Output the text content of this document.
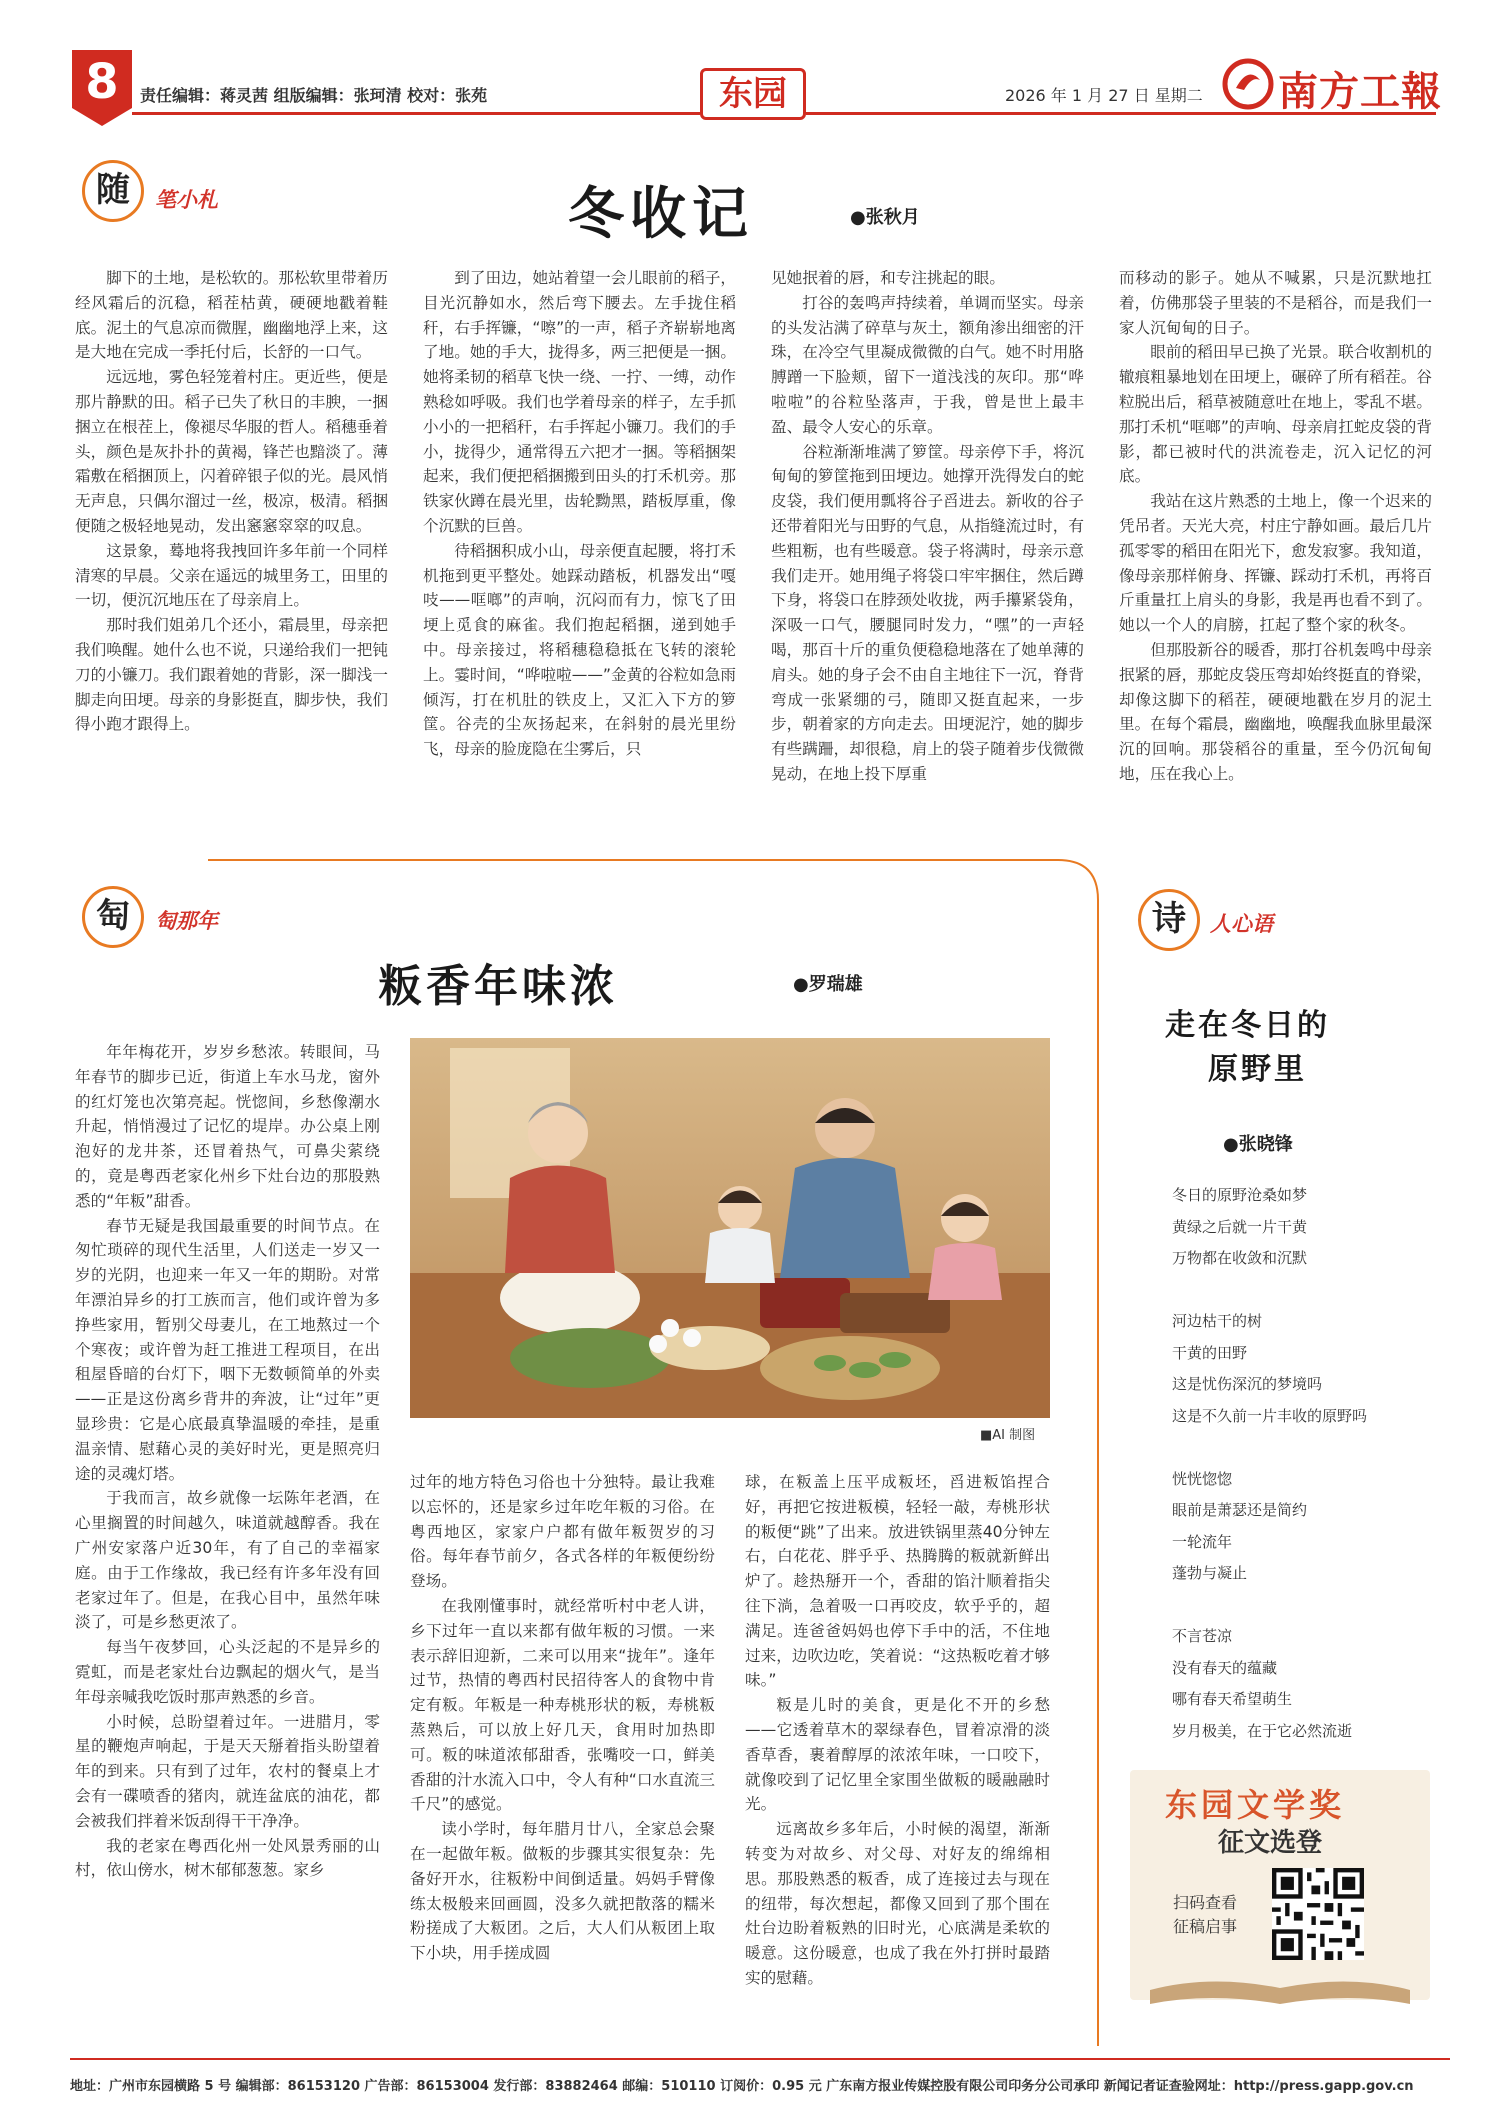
8	责任编辑：蒋灵茜 组版编辑：张珂清 校对：张苑	东园	2026 年 1 月 27 日 星期二 南方工報
随	笔小札	冬收记	●张秋月

脚下的土地，是松软的。那松软里带着历经风霜后的沉稳，稻茬枯黄，硬硬地戳着鞋底。泥土的气息凉而微腥，幽幽地浮上来，这是大地在完成一季托付后，长舒的一口气。

远远地，雾色轻笼着村庄。更近些，便是那片静默的田。稻子已失了秋日的丰腴，一捆捆立在根茬上，像褪尽华服的哲人。稻穗垂着头，颜色是灰扑扑的黄褐，锋芒也黯淡了。薄霜敷在稻捆顶上，闪着碎银子似的光。晨风悄无声息，只偶尔溜过一丝，极凉，极清。稻捆便随之极轻地晃动，发出窸窸窣窣的叹息。

这景象，蓦地将我拽回许多年前一个同样清寒的早晨。父亲在遥远的城里务工，田里的一切，便沉沉地压在了母亲肩上。

那时我们姐弟几个还小，霜晨里，母亲把我们唤醒。她什么也不说，只递给我们一把钝刀的小镰刀。我们跟着她的背影，深一脚浅一脚走向田埂。母亲的身影挺直，脚步快，我们得小跑才跟得上。

到了田边，她站着望一会儿眼前的稻子，目光沉静如水，然后弯下腰去。左手拢住稻秆，右手挥镰，“嚓”的一声，稻子齐崭崭地离了地。她的手大，拢得多，两三把便是一捆。她将柔韧的稻草飞快一绕、一拧、一缚，动作熟稔如呼吸。我们也学着母亲的样子，左手抓小小的一把稻秆，右手挥起小镰刀。我们的手小，拢得少，通常得五六把才一捆。等稻捆架起来，我们便把稻捆搬到田头的打禾机旁。那铁家伙蹲在晨光里，齿轮黝黑，踏板厚重，像个沉默的巨兽。

待稻捆积成小山，母亲便直起腰，将打禾机拖到更平整处。她踩动踏板，机器发出“嘎吱——哐啷”的声响，沉闷而有力，惊飞了田埂上觅食的麻雀。我们抱起稻捆，递到她手中。母亲接过，将稻穗稳稳抵在飞转的滚轮上。霎时间，“哗啦啦——”金黄的谷粒如急雨倾泻，打在机肚的铁皮上，又汇入下方的箩筐。谷壳的尘灰扬起来，在斜射的晨光里纷飞，母亲的脸庞隐在尘雾后，只

见她抿着的唇，和专注挑起的眼。

打谷的轰鸣声持续着，单调而坚实。母亲的头发沾满了碎草与灰土，额角渗出细密的汗珠，在冷空气里凝成微微的白气。她不时用胳膊蹭一下脸颊，留下一道浅浅的灰印。那“哗啦啦”的谷粒坠落声，于我，曾是世上最丰盈、最令人安心的乐章。

谷粒渐渐堆满了箩筐。母亲停下手，将沉甸甸的箩筐拖到田埂边。她撑开洗得发白的蛇皮袋，我们便用瓢将谷子舀进去。新收的谷子还带着阳光与田野的气息，从指缝流过时，有些粗粝，也有些暖意。袋子将满时，母亲示意我们走开。她用绳子将袋口牢牢捆住，然后蹲下身，将袋口在脖颈处收拢，两手攥紧袋角，深吸一口气，腰腿同时发力，“嘿”的一声轻喝，那百十斤的重负便稳稳地落在了她单薄的肩头。她的身子会不由自主地往下一沉，脊背弯成一张紧绷的弓，随即又挺直起来，一步步，朝着家的方向走去。田埂泥泞，她的脚步有些蹒跚，却很稳，肩上的袋子随着步伐微微晃动，在地上投下厚重

而移动的影子。她从不喊累，只是沉默地扛着，仿佛那袋子里装的不是稻谷，而是我们一家人沉甸甸的日子。

眼前的稻田早已换了光景。联合收割机的辙痕粗暴地划在田埂上，碾碎了所有稻茬。谷粒脱出后，稻草被随意吐在地上，零乱不堪。那打禾机“哐啷”的声响、母亲肩扛蛇皮袋的背影，都已被时代的洪流卷走，沉入记忆的河底。

我站在这片熟悉的土地上，像一个迟来的凭吊者。天光大亮，村庄宁静如画。最后几片孤零零的稻田在阳光下，愈发寂寥。我知道，像母亲那样俯身、挥镰、踩动打禾机，再将百斤重量扛上肩头的身影，我是再也看不到了。她以一个人的肩膀，扛起了整个家的秋冬。

但那股新谷的暖香，那打谷机轰鸣中母亲抿紧的唇，那蛇皮袋压弯却始终挺直的脊梁，却像这脚下的稻茬，硬硬地戳在岁月的泥土里。在每个霜晨，幽幽地，唤醒我血脉里最深沉的回响。那袋稻谷的重量，至今仍沉甸甸地，压在我心上。

匋	匋那年
粄香年味浓	●罗瑞雄
■AI 制图

年年梅花开，岁岁乡愁浓。转眼间，马年春节的脚步已近，街道上车水马龙，窗外的红灯笼也次第亮起。恍惚间，乡愁像潮水升起，悄悄漫过了记忆的堤岸。办公桌上刚泡好的龙井茶，还冒着热气，可鼻尖萦绕的，竟是粤西老家化州乡下灶台边的那股熟悉的“年粄”甜香。

春节无疑是我国最重要的时间节点。在匆忙琐碎的现代生活里，人们送走一岁又一岁的光阴，也迎来一年又一年的期盼。对常年漂泊异乡的打工族而言，他们或许曾为多挣些家用，暂别父母妻儿，在工地熬过一个个寒夜；或许曾为赶工推进工程项目，在出租屋昏暗的台灯下，咽下无数顿简单的外卖——正是这份离乡背井的奔波，让“过年”更显珍贵：它是心底最真挚温暖的牵挂，是重温亲情、慰藉心灵的美好时光，更是照亮归途的灵魂灯塔。

于我而言，故乡就像一坛陈年老酒，在心里搁置的时间越久，味道就越醇香。我在广州安家落户近30年，有了自己的幸福家庭。由于工作缘故，我已经有许多年没有回老家过年了。但是，在我心目中，虽然年味淡了，可是乡愁更浓了。

每当午夜梦回，心头泛起的不是异乡的霓虹，而是老家灶台边飘起的烟火气，是当年母亲喊我吃饭时那声熟悉的乡音。

小时候，总盼望着过年。一进腊月，零星的鞭炮声响起，于是天天掰着指头盼望着年的到来。只有到了过年，农村的餐桌上才会有一碟喷香的猪肉，就连盆底的油花，都会被我们拌着米饭刮得干干净净。

我的老家在粤西化州一处风景秀丽的山村，依山傍水，树木郁郁葱葱。家乡

过年的地方特色习俗也十分独特。最让我难以忘怀的，还是家乡过年吃年粄的习俗。在粤西地区，家家户户都有做年粄贺岁的习俗。每年春节前夕，各式各样的年粄便纷纷登场。

在我刚懂事时，就经常听村中老人讲，乡下过年一直以来都有做年粄的习惯。一来表示辞旧迎新，二来可以用来“拢年”。逢年过节，热情的粤西村民招待客人的食物中肯定有粄。年粄是一种寿桃形状的粄，寿桃粄蒸熟后，可以放上好几天，食用时加热即可。粄的味道浓郁甜香，张嘴咬一口，鲜美香甜的汁水流入口中，令人有种“口水直流三千尺”的感觉。

读小学时，每年腊月廿八，全家总会聚在一起做年粄。做粄的步骤其实很复杂：先备好开水，往粄粉中间倒适量。妈妈手臂像练太极般来回画圆，没多久就把散落的糯米粉搓成了大粄团。之后，大人们从粄团上取下小块，用手搓成圆

球，在粄盖上压平成粄坯，舀进粄馅捏合好，再把它按进粄模，轻轻一敲，寿桃形状的粄便“跳”了出来。放进铁锅里蒸40分钟左右，白花花、胖乎乎、热腾腾的粄就新鲜出炉了。趁热掰开一个，香甜的馅汁顺着指尖往下淌，急着吸一口再咬皮，软乎乎的，超满足。连爸爸妈妈也停下手中的活，不住地过来，边吹边吃，笑着说：“这热粄吃着才够味。”

粄是儿时的美食，更是化不开的乡愁——它透着草木的翠绿春色，冒着凉滑的淡香草香，裹着醇厚的浓浓年味，一口咬下，就像咬到了记忆里全家围坐做粄的暖融融时光。

远离故乡多年后，小时候的渴望，渐渐转变为对故乡、对父母、对好友的绵绵相思。那股熟悉的粄香，成了连接过去与现在的纽带，每次想起，都像又回到了那个围在灶台边盼着粄熟的旧时光，心底满是柔软的暖意。这份暖意，也成了我在外打拼时最踏实的慰藉。

诗	人心语
走在冬日的
原野里
●张晓锋
冬日的原野沧桑如梦
黄绿之后就一片干黄
万物都在收敛和沉默
河边枯干的树
干黄的田野
这是忧伤深沉的梦境吗
这是不久前一片丰收的原野吗
恍恍惚惚
眼前是萧瑟还是简约
一轮流年
蓬勃与凝止
不言苍凉
没有春天的蕴藏
哪有春天希望萌生
岁月极美，在于它必然流逝
东园文学奖
征文选登
扫码查看
征稿启事
地址：广州市东园横路 5 号 编辑部：86153120 广告部：86153004 发行部：83882464 邮编：510110 订阅价：0.95 元 广东南方报业传媒控股有限公司印务分公司承印 新闻记者证查验网址：http://press.gapp.gov.cn
